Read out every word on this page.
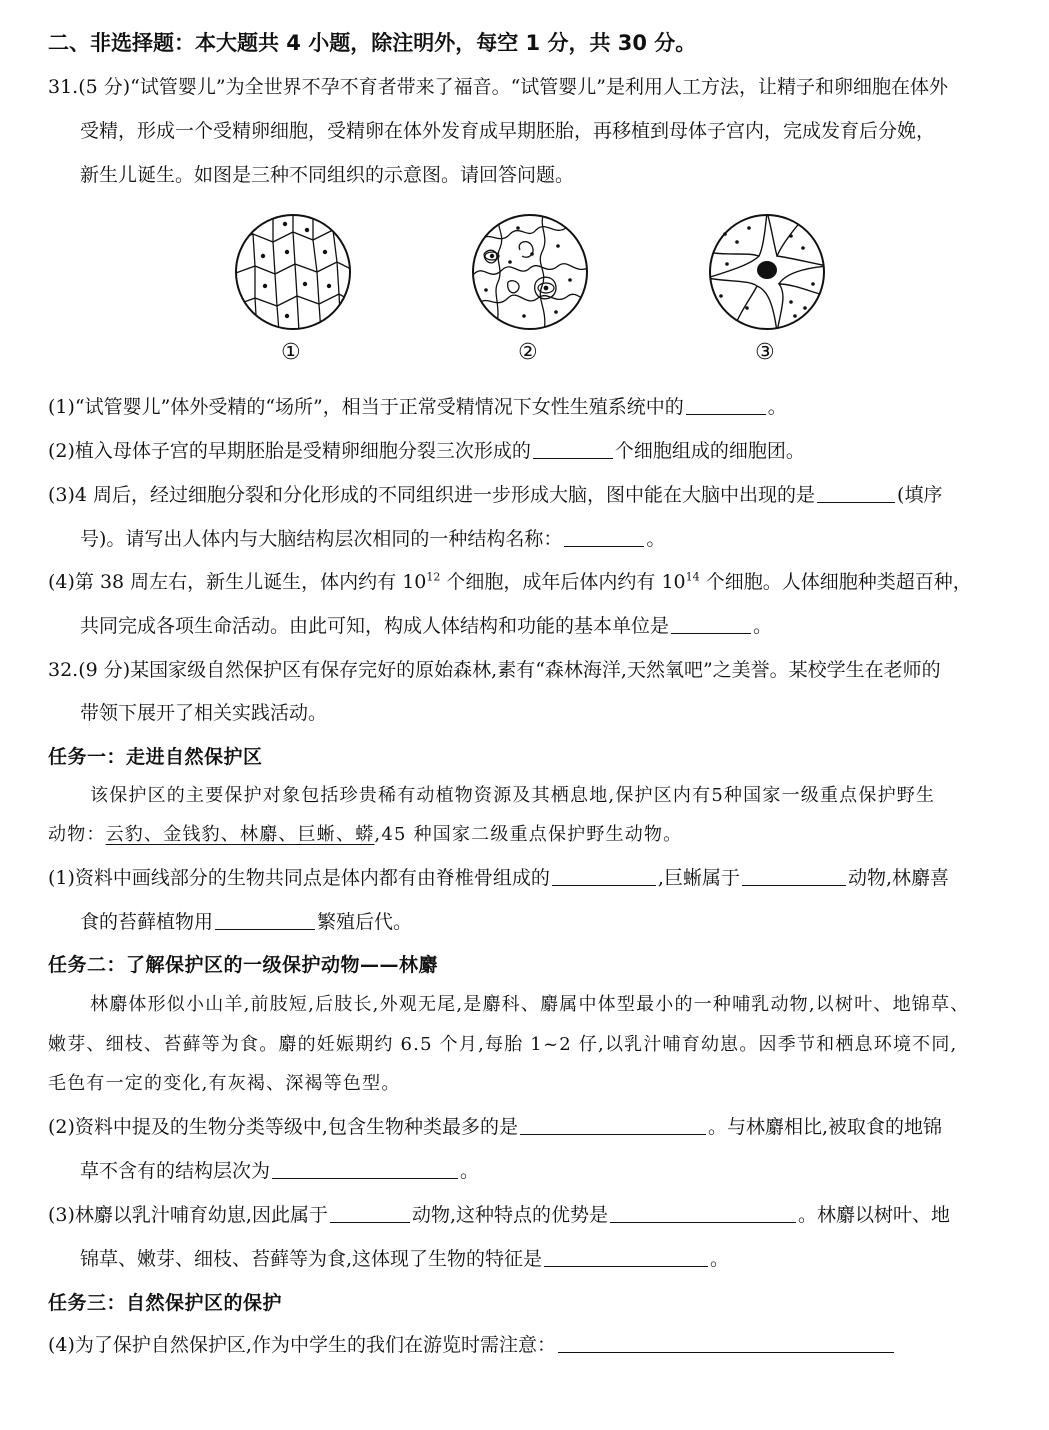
二、非选择题：本大题共 4 小题，除注明外，每空 1 分，共 30 分。
31.(5 分)“试管婴儿”为全世界不孕不育者带来了福音。“试管婴儿”是利用人工方法，让精子和卵细胞在体外
受精，形成一个受精卵细胞，受精卵在体外发育成早期胚胎，再移植到母体子宫内，完成发育后分娩，
新生儿诞生。如图是三种不同组织的示意图。请回答问题。
①	②	③
(1)“试管婴儿”体外受精的“场所”，相当于正常受精情况下女性生殖系统中的	。
(2)植入母体子宫的早期胚胎是受精卵细胞分裂三次形成的	个细胞组成的细胞团。
(3)4 周后，经过细胞分裂和分化形成的不同组织进一步形成大脑，图中能在大脑中出现的是	(填序
号)。请写出人体内与大脑结构层次相同的一种结构名称：	。
(4)第 38 周左右，新生儿诞生，体内约有 $10^{12}$ 个细胞，成年后体内约有 $10^{14}$ 个细胞。人体细胞种类超百种，
共同完成各项生命活动。由此可知，构成人体结构和功能的基本单位是	。
32.(9 分)某国家级自然保护区有保存完好的原始森林,素有“森林海洋,天然氧吧”之美誉。某校学生在老师的
带领下展开了相关实践活动。
任务一：走进自然保护区
该保护区的主要保护对象包括珍贵稀有动植物资源及其栖息地,保护区内有5种国家一级重点保护野生
动物：云豹、金钱豹、林麝、巨蜥、蟒,45 种国家二级重点保护野生动物。
(1)资料中画线部分的生物共同点是体内都有由脊椎骨组成的	,巨蜥属于	动物,林麝喜
食的苔藓植物用	繁殖后代。
任务二：了解保护区的一级保护动物——林麝
林麝体形似小山羊,前肢短,后肢长,外观无尾,是麝科、麝属中体型最小的一种哺乳动物,以树叶、地锦草、
嫩芽、细枝、苔藓等为食。麝的妊娠期约 6.5 个月,每胎 1~2 仔,以乳汁哺育幼崽。因季节和栖息环境不同,
毛色有一定的变化,有灰褐、深褐等色型。
(2)资料中提及的生物分类等级中,包含生物种类最多的是	。与林麝相比,被取食的地锦
草不含有的结构层次为	。
(3)林麝以乳汁哺育幼崽,因此属于	动物,这种特点的优势是	。林麝以树叶、地
锦草、嫩芽、细枝、苔藓等为食,这体现了生物的特征是	。
任务三：自然保护区的保护
(4)为了保护自然保护区,作为中学生的我们在游览时需注意：
